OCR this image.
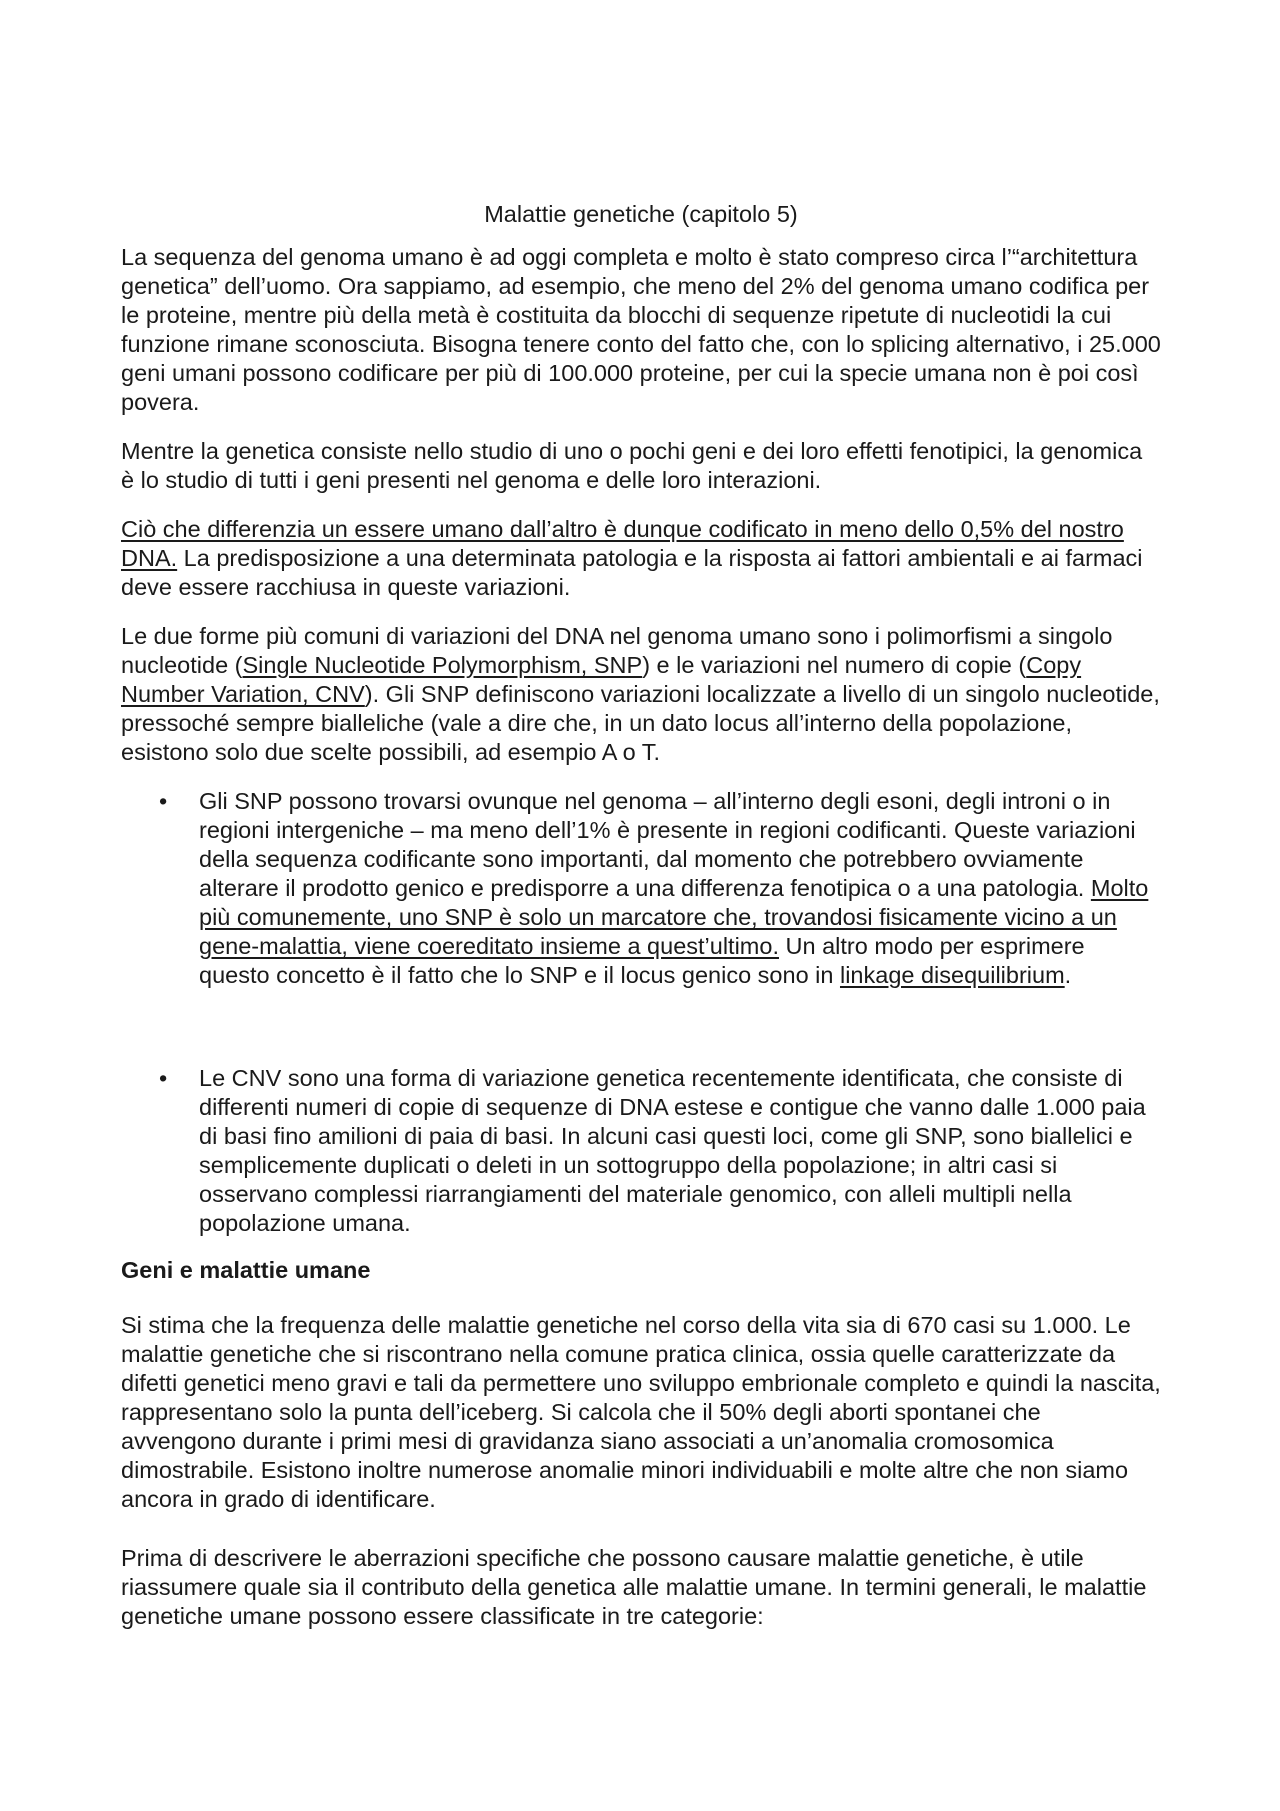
Malattie genetiche (capitolo 5)

La sequenza del genoma umano è ad oggi completa e molto è stato compreso circa l’“architettura genetica” dell’uomo. Ora sappiamo, ad esempio, che meno del 2% del genoma umano codifica per le proteine, mentre più della metà è costituita da blocchi di sequenze ripetute di nucleotidi la cui funzione rimane sconosciuta. Bisogna tenere conto del fatto che, con lo splicing alternativo, i 25.000 geni umani possono codificare per più di 100.000 proteine, per cui la specie umana non è poi così povera.

Mentre la genetica consiste nello studio di uno o pochi geni e dei loro effetti fenotipici, la genomica è lo studio di tutti i geni presenti nel genoma e delle loro interazioni.

Ciò che differenzia un essere umano dall’altro è dunque codificato in meno dello 0,5% del nostro DNA. La predisposizione a una determinata patologia e la risposta ai fattori ambientali e ai farmaci deve essere racchiusa in queste variazioni.

Le due forme più comuni di variazioni del DNA nel genoma umano sono i polimorfismi a singolo nucleotide (Single Nucleotide Polymorphism, SNP) e le variazioni nel numero di copie (Copy Number Variation, CNV). Gli SNP definiscono variazioni localizzate a livello di un singolo nucleotide, pressoché sempre bialleliche (vale a dire che, in un dato locus all’interno della popolazione, esistono solo due scelte possibili, ad esempio A o T.

• Gli SNP possono trovarsi ovunque nel genoma – all’interno degli esoni, degli introni o in regioni intergeniche – ma meno dell’1% è presente in regioni codificanti. Queste variazioni della sequenza codificante sono importanti, dal momento che potrebbero ovviamente alterare il prodotto genico e predisporre a una differenza fenotipica o a una patologia. Molto più comunemente, uno SNP è solo un marcatore che, trovandosi fisicamente vicino a un gene-malattia, viene coereditato insieme a quest’ultimo. Un altro modo per esprimere questo concetto è il fatto che lo SNP e il locus genico sono in linkage disequilibrium.
• Le CNV sono una forma di variazione genetica recentemente identificata, che consiste di differenti numeri di copie di sequenze di DNA estese e contigue che vanno dalle 1.000 paia di basi fino amilioni di paia di basi. In alcuni casi questi loci, come gli SNP, sono biallelici e semplicemente duplicati o deleti in un sottogruppo della popolazione; in altri casi si osservano complessi riarrangiamenti del materiale genomico, con alleli multipli nella popolazione umana.
Geni e malattie umane

Si stima che la frequenza delle malattie genetiche nel corso della vita sia di 670 casi su 1.000. Le malattie genetiche che si riscontrano nella comune pratica clinica, ossia quelle caratterizzate da difetti genetici meno gravi e tali da permettere uno sviluppo embrionale completo e quindi la nascita, rappresentano solo la punta dell’iceberg. Si calcola che il 50% degli aborti spontanei che avvengono durante i primi mesi di gravidanza siano associati a un’anomalia cromosomica dimostrabile. Esistono inoltre numerose anomalie minori individuabili e molte altre che non siamo ancora in grado di identificare.

Prima di descrivere le aberrazioni specifiche che possono causare malattie genetiche, è utile riassumere quale sia il contributo della genetica alle malattie umane. In termini generali, le malattie genetiche umane possono essere classificate in tre categorie:
